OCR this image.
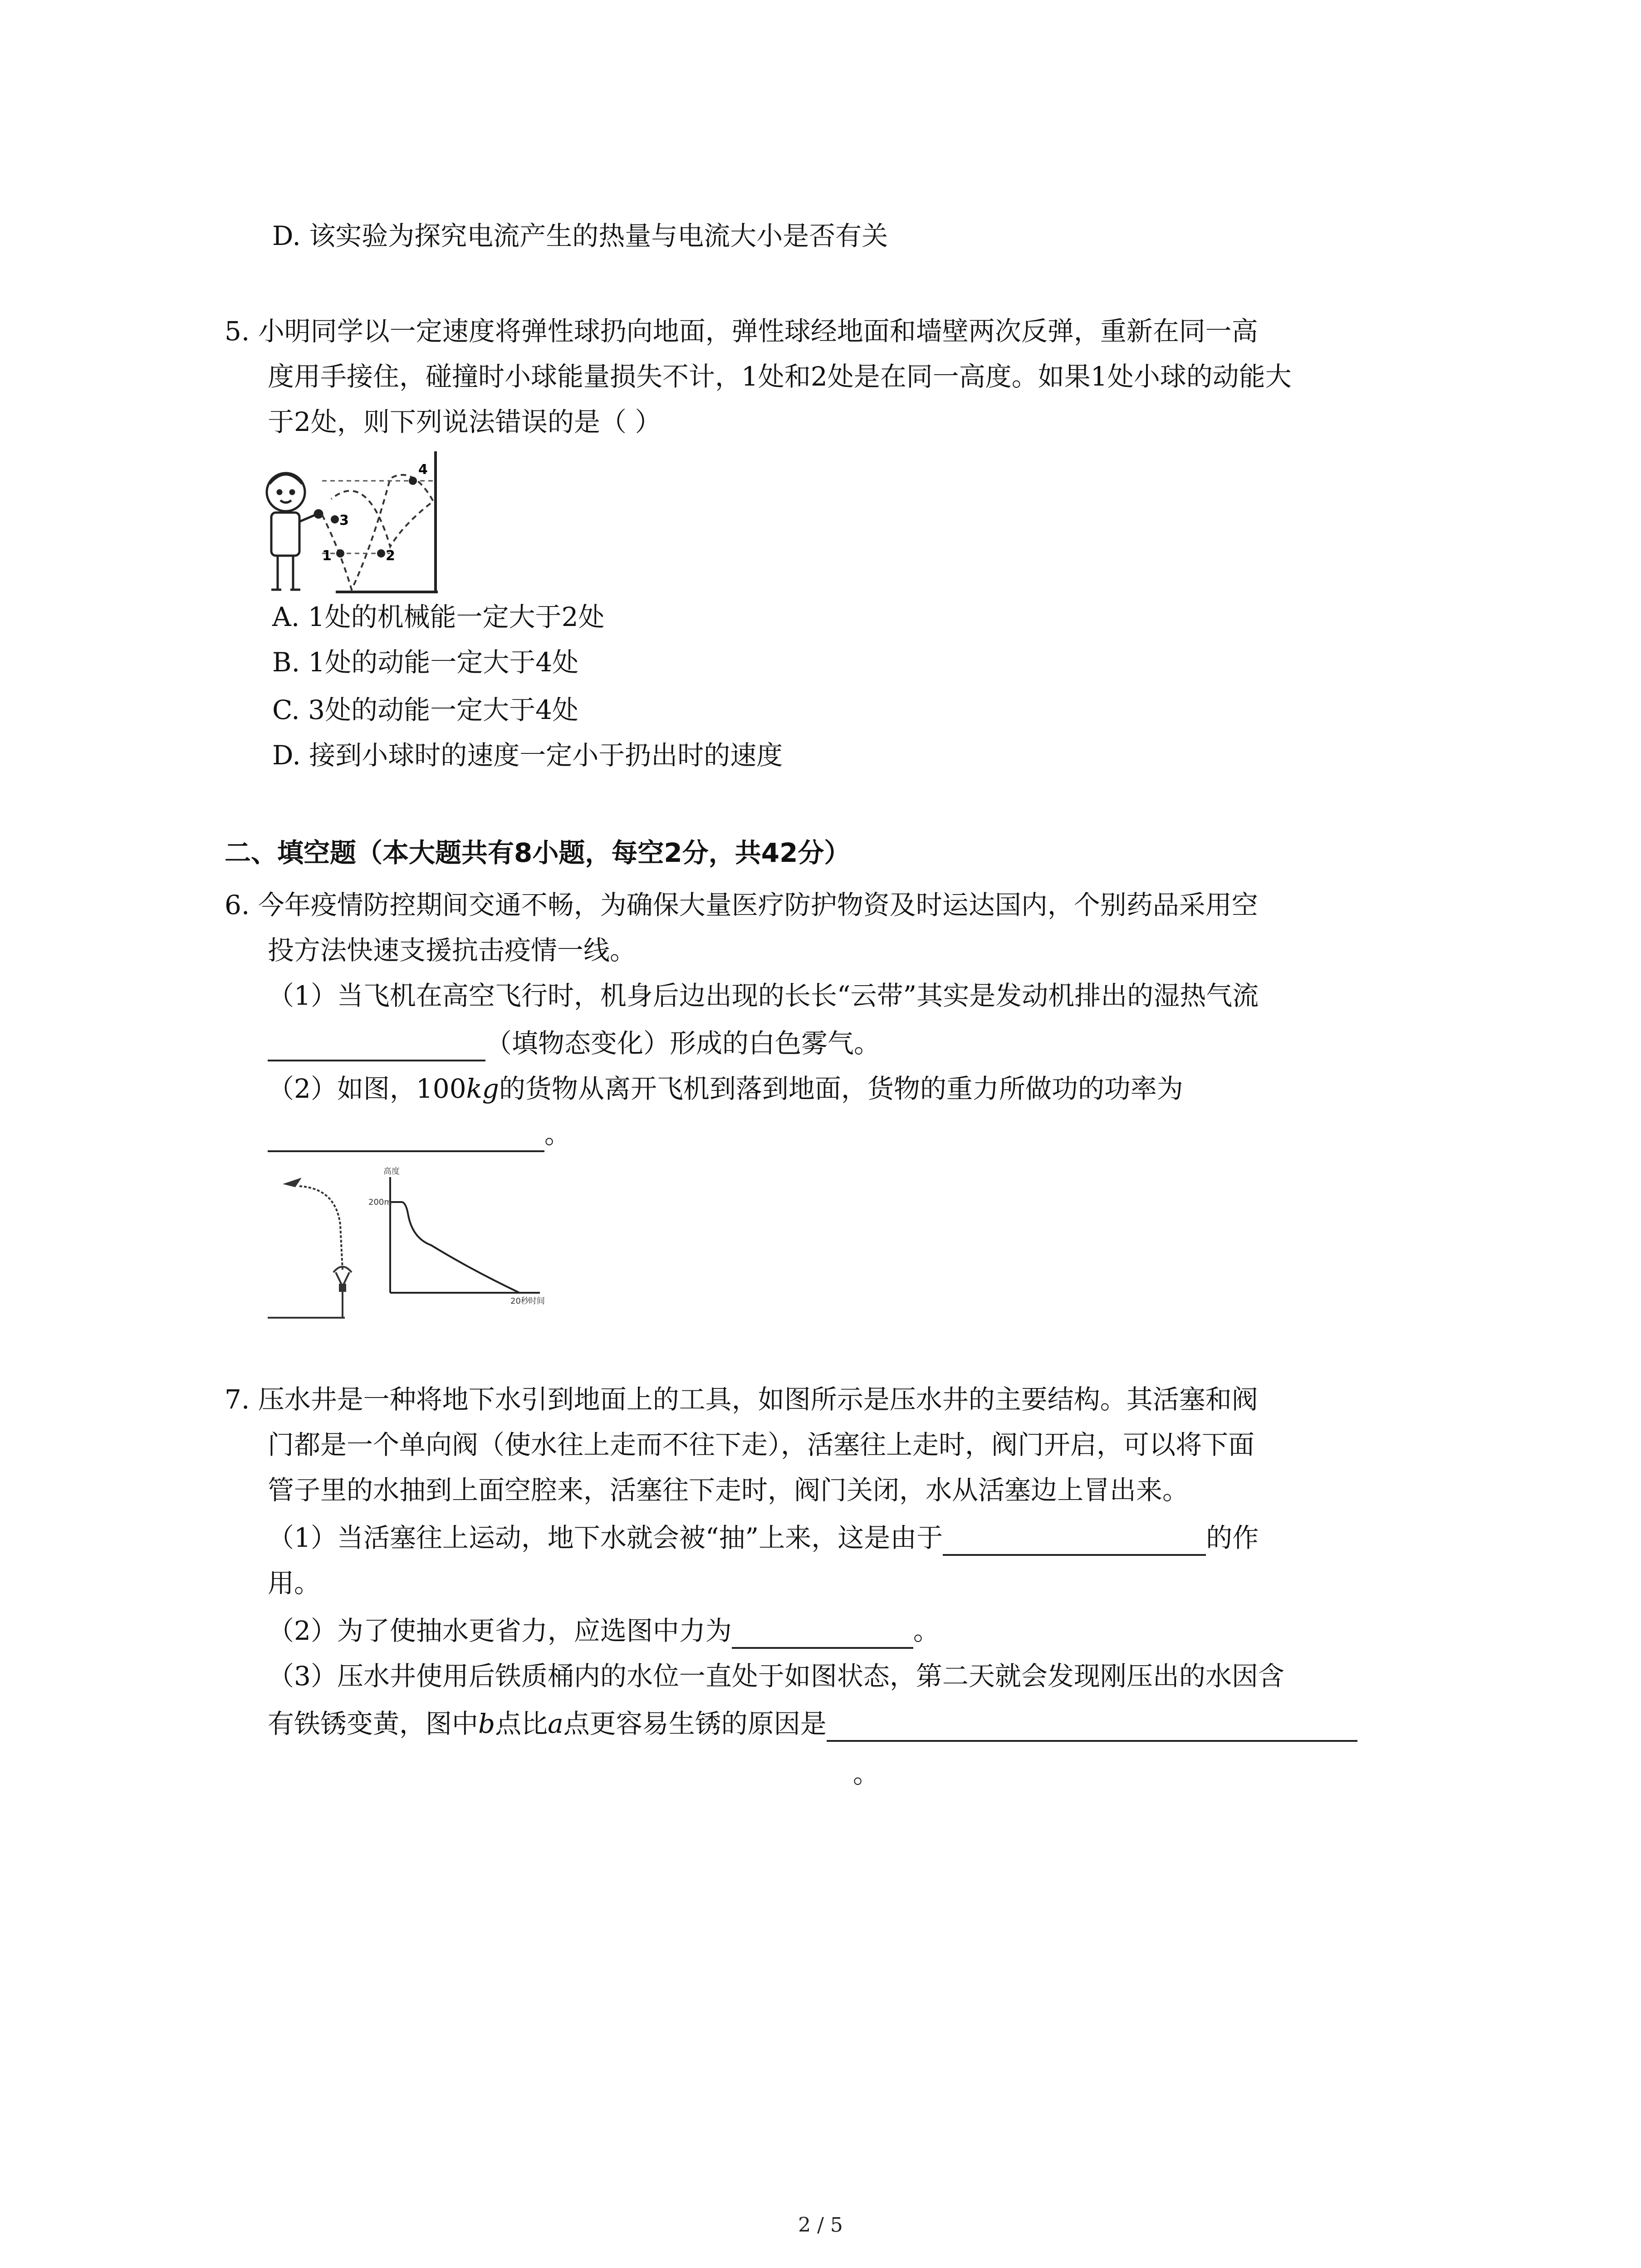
D. 该实验为探究电流产生的热量与电流大小是否有关
5. 小明同学以一定速度将弹性球扔向地面，弹性球经地面和墙壁两次反弹，重新在同一高
度用手接住，碰撞时小球能量损失不计，1处和2处是在同一高度。如果1处小球的动能大
于2处，则下列说法错误的是（ ）
1	2
3
4
A. 1处的机械能一定大于2处
B. 1处的动能一定大于4处
C. 3处的动能一定大于4处
D. 接到小球时的速度一定小于扔出时的速度
二、填空题（本大题共有8小题，每空2分，共42分）
6. 今年疫情防控期间交通不畅，为确保大量医疗防护物资及时运达国内，个别药品采用空
投方法快速支援抗击疫情一线。
（1）当飞机在高空飞行时，机身后边出现的长长“云带”其实是发动机排出的湿热气流
（填物态变化）形成的白色雾气。
（2）如图，100kg的货物从离开飞机到落到地面，货物的重力所做功的功率为
。
高度
200m
20秒 时间
7. 压水井是一种将地下水引到地面上的工具，如图所示是压水井的主要结构。其活塞和阀
门都是一个单向阀（使水往上走而不往下走），活塞往上走时，阀门开启，可以将下面
管子里的水抽到上面空腔来，活塞往下走时，阀门关闭，水从活塞边上冒出来。
（1）当活塞往上运动，地下水就会被“抽”上来，这是由于	的作
用。
（2）为了使抽水更省力，应选图中力为	。
（3）压水井使用后铁质桶内的水位一直处于如图状态，第二天就会发现刚压出的水因含
有铁锈变黄，图中b点比a点更容易生锈的原因是
。
2 / 5
